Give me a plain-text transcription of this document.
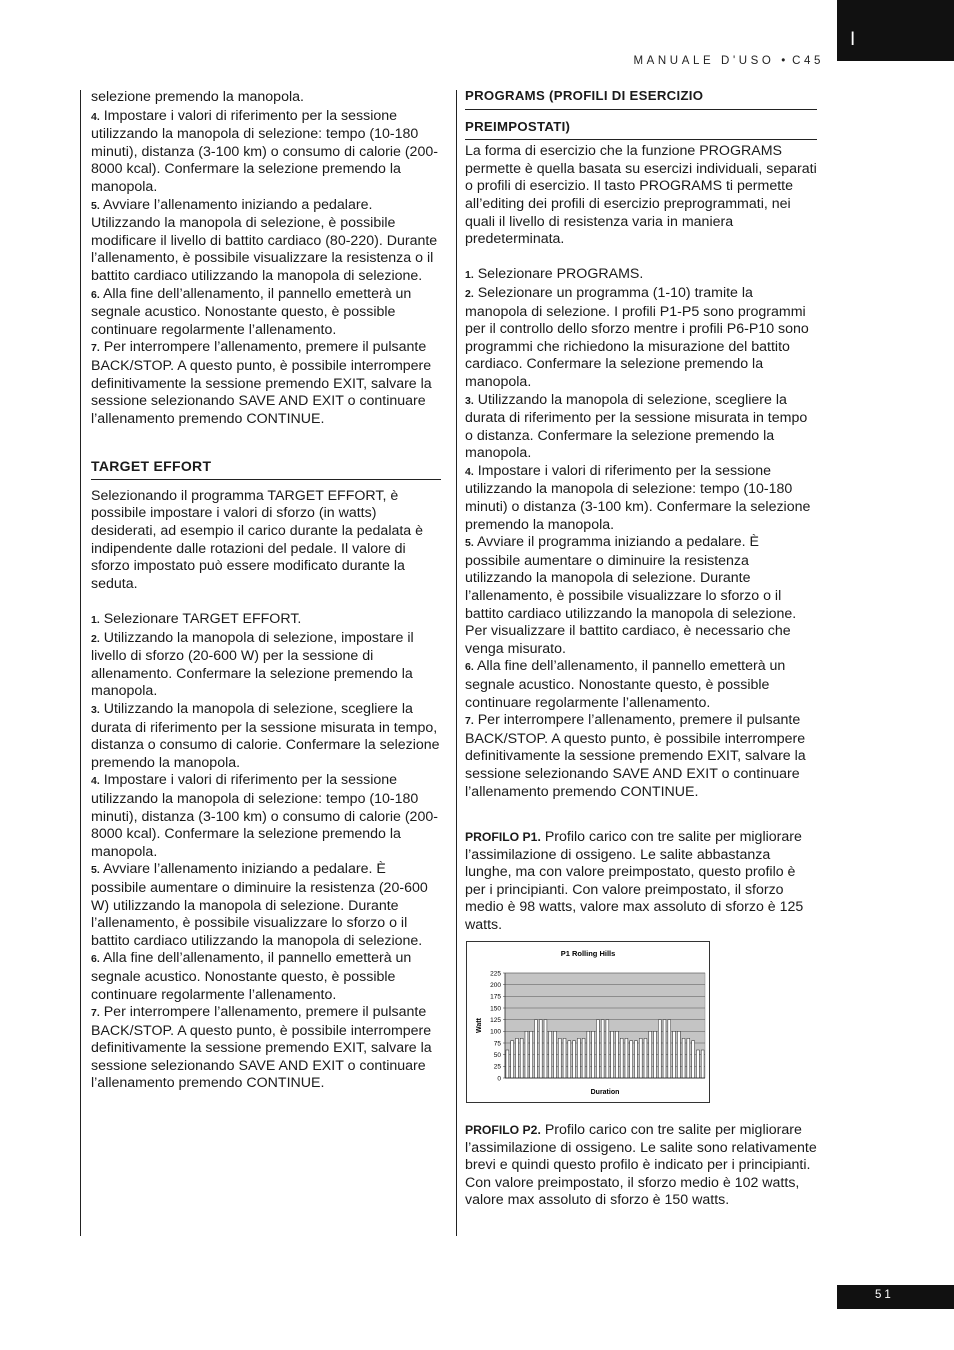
I
MANUALE D'USO • C45

selezione premendo la manopola.

4. Impostare i valori di riferimento per la sessione utilizzando la manopola di selezione: tempo (10-180 minuti), distanza (3-100 km) o consumo di calorie (200-8000 kcal). Confermare la selezione premendo la manopola.

5. Avviare l’allenamento iniziando a pedalare. Utilizzando la manopola di selezione, è possibile modificare il livello di battito cardiaco (80-220). Durante l’allenamento, è possibile visualizzare la resistenza o il battito cardiaco utilizzando la manopola di selezione.

6. Alla fine dell’allenamento, il pannello emetterà un segnale acustico. Nonostante questo, è possible continuare regolarmente l’allenamento.

7. Per interrompere l’allenamento, premere il pulsante BACK/STOP. A questo punto, è possibile interrompere definitivamente la sessione premendo EXIT, salvare la sessione selezionando SAVE AND EXIT o continuare l’allenamento premendo CONTINUE.

TARGET EFFORT

Selezionando il programma TARGET EFFORT, è possibile impostare i valori di sforzo (in watts) desiderati, ad esempio il carico durante la pedalata è indipendente dalle rotazioni del pedale. Il valore di sforzo impostato può essere modificato durante la seduta.

1. Selezionare TARGET EFFORT.

2. Utilizzando la manopola di selezione, impostare il livello di sforzo (20-600 W) per la sessione di allenamento. Confermare la selezione premendo la manopola.

3. Utilizzando la manopola di selezione, scegliere la durata di riferimento per la sessione misurata in tempo, distanza o consumo di calorie. Confermare la selezione premendo la manopola.

4. Impostare i valori di riferimento per la sessione utilizzando la manopola di selezione: tempo (10-180 minuti), distanza (3-100 km) o consumo di calorie (200-8000 kcal). Confermare la selezione premendo la manopola.

5. Avviare l’allenamento iniziando a pedalare. È possibile aumentare o diminuire la resistenza (20-600 W) utilizzando la manopola di selezione. Durante l’allenamento, è possibile visualizzare lo sforzo o il battito cardiaco utilizzando la manopola di selezione.

6. Alla fine dell’allenamento, il pannello emetterà un segnale acustico. Nonostante questo, è possible continuare regolarmente l’allenamento.

7. Per interrompere l’allenamento, premere il pulsante BACK/STOP. A questo punto, è possibile interrompere definitivamente la sessione premendo EXIT, salvare la sessione selezionando SAVE AND EXIT o continuare l’allenamento premendo CONTINUE.

PROGRAMS (PROFILI DI ESERCIZIO
PREIMPOSTATI)

La forma di esercizio che la funzione PROGRAMS permette è quella basata su esercizi individuali, separati o profili di esercizio. Il tasto PROGRAMS ti permette all’editing dei profili di esercizio preprogrammati, nei quali il livello di resistenza varia in maniera predeterminata.

1. Selezionare PROGRAMS.

2. Selezionare un programma (1-10) tramite la manopola di selezione. I profili P1-P5 sono programmi per il controllo dello sforzo mentre i profili P6-P10 sono programmi che richiedono la misurazione del battito cardiaco. Confermare la selezione premendo la manopola.

3. Utilizzando la manopola di selezione, scegliere la durata di riferimento per la sessione misurata in tempo o distanza. Confermare la selezione premendo la manopola.

4. Impostare i valori di riferimento per la sessione utilizzando la manopola di selezione: tempo (10-180 minuti) o distanza (3-100 km). Confermare la selezione premendo la manopola.

5. Avviare il programma iniziando a pedalare. È possibile aumentare o diminuire la resistenza utilizzando la manopola di selezione. Durante l’allenamento, è possibile visualizzare lo sforzo o il battito cardiaco utilizzando la manopola di selezione. Per visualizzare il battito cardiaco, è necessario che venga misurato.

6. Alla fine dell’allenamento, il pannello emetterà un segnale acustico. Nonostante questo, è possible continuare regolarmente l’allenamento.

7. Per interrompere l’allenamento, premere il pulsante BACK/STOP. A questo punto, è possibile interrompere definitivamente la sessione premendo EXIT, salvare la sessione selezionando SAVE AND EXIT o continuare l’allenamento premendo CONTINUE.

PROFILO P1. Profilo carico con tre salite per migliorare l’assimilazione di ossigeno. Le salite abbastanza lunghe, ma con valore preimpostato, questo profilo è per i principianti. Con valore preimpostato, il sforzo medio è 98 watts, valore max assoluto di sforzo è 125 watts.

P1 Rolling Hills
0
25
50
75
100
125
150
175
200
225
Watt
Duration

PROFILO P2. Profilo carico con tre salite per migliorare l’assimilazione di ossigeno. Le salite sono relativamente brevi e quindi questo profilo è indicato per i principianti. Con valore preimpostato, il sforzo medio è 102 watts, valore max assoluto di sforzo è 150 watts.

51
